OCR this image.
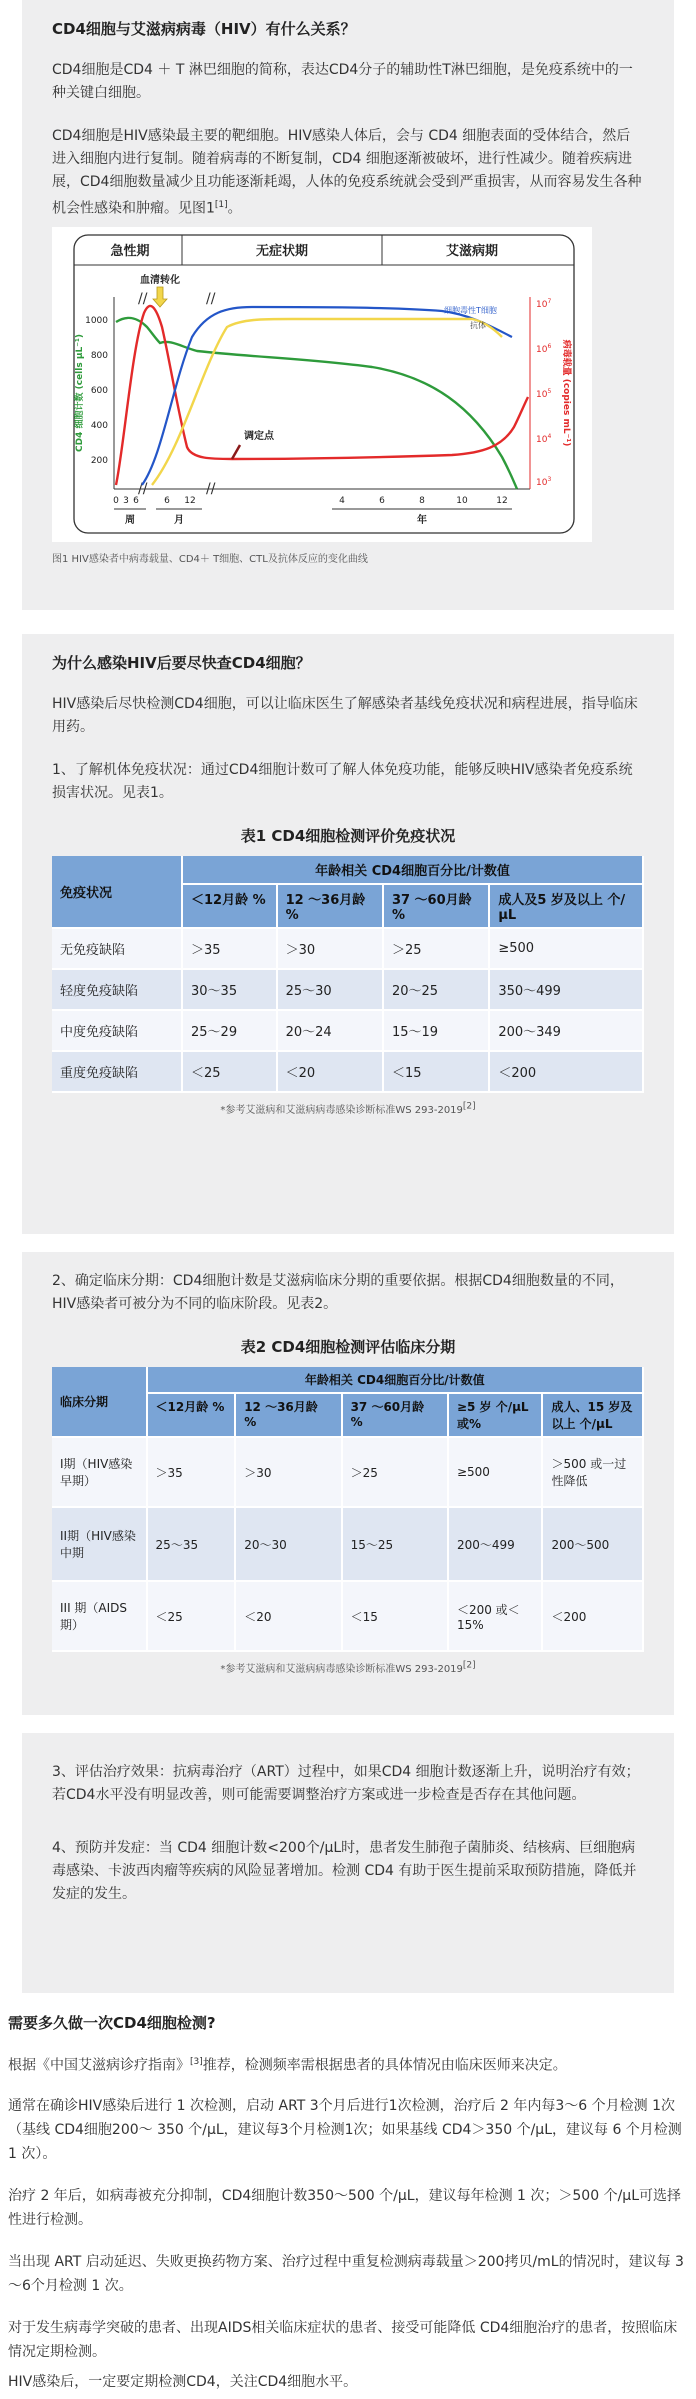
CD4细胞与艾滋病病毒（HIV）有什么关系？

CD4细胞是CD4 ＋ T 淋巴细胞的简称，表达CD4分子的辅助性T淋巴细胞，是免疫系统中的一种关键白细胞。

CD4细胞是HIV感染最主要的靶细胞。HIV感染人体后，会与 CD4 细胞表面的受体结合，然后进入细胞内进行复制。随着病毒的不断复制，CD4 细胞逐渐被破坏，进行性减少。随着疾病进展，CD4细胞数量减少且功能逐渐耗竭，人体的免疫系统就会受到严重损害，从而容易发生各种机会性感染和肿瘤。见图1[1]。

急性期	无症状期	艾滋病期
//	//
//	//
1000
800
600
400
200
CD4 细胞计数 (cells μL⁻¹)
$10^7$
$10^6$
$10^5$
$10^4$
$10^3$
病毒载量 (copies mL⁻¹)
0 3 6	6 12	4	6	8	10	12
周	月	年
血清转化
调定点
细胞毒性T细胞
抗体
图1 HIV感染者中病毒载量、CD4＋ T细胞、CTL及抗体反应的变化曲线
为什么感染HIV后要尽快查CD4细胞？

HIV感染后尽快检测CD4细胞，可以让临床医生了解感染者基线免疫状况和病程进展，指导临床用药。

1、了解机体免疫状况：通过CD4细胞计数可了解人体免疫功能，能够反映HIV感染者免疫系统损害状况。见表1。

表1 CD4细胞检测评价免疫状况
免疫状况	年龄相关 CD4细胞百分比/计数值			
	＜12月龄 %	12 ～36月龄 %	37 ～60月龄 %	成人及5 岁及以上 个/μL
无免疫缺陷	＞35	＞30	＞25	≥500
轻度免疫缺陷	30～35	25～30	20～25	350～499
中度免疫缺陷	25～29	20～24	15～19	200～349
重度免疫缺陷	＜25	＜20	＜15	＜200
*参考艾滋病和艾滋病病毒感染诊断标准WS 293-2019[2]

2、确定临床分期：CD4细胞计数是艾滋病临床分期的重要依据。根据CD4细胞数量的不同，HIV感染者可被分为不同的临床阶段。见表2。

表2 CD4细胞检测评估临床分期
临床分期	年龄相关 CD4细胞百分比/计数值				
	＜12月龄 %	12 ～36月龄 %	37 ～60月龄 %	≥5 岁 个/μL或%	成人、15 岁及以上 个/μL
I期（HIV感染早期）	＞35	＞30	＞25	≥500	＞500 或一过性降低
II期（HIV感染中期	25～35	20～30	15～25	200～499	200～500
III 期（AIDS期）	＜25	＜20	＜15	＜200 或＜15%	＜200
*参考艾滋病和艾滋病病毒感染诊断标准WS 293-2019[2]

3、评估治疗效果：抗病毒治疗（ART）过程中，如果CD4 细胞计数逐渐上升，说明治疗有效；若CD4水平没有明显改善，则可能需要调整治疗方案或进一步检查是否存在其他问题。

4、预防并发症：当 CD4 细胞计数<200个/μL时，患者发生肺孢子菌肺炎、结核病、巨细胞病毒感染、卡波西肉瘤等疾病的风险显著增加。检测 CD4 有助于医生提前采取预防措施，降低并发症的发生。

需要多久做一次CD4细胞检测?

根据《中国艾滋病诊疗指南》[3]推荐，检测频率需根据患者的具体情况由临床医师来决定。

通常在确诊HIV感染后进行 1 次检测，启动 ART 3个月后进行1次检测，治疗后 2 年内每3～6 个月检测 1次（基线 CD4细胞200～ 350 个/μL，建议每3个月检测1次；如果基线 CD4＞350 个/μL，建议每 6 个月检测 1 次）。

治疗 2 年后，如病毒被充分抑制，CD4细胞计数350～500 个/μL，建议每年检测 1 次；＞500 个/μL可选择性进行检测。

当出现 ART 启动延迟、失败更换药物方案、治疗过程中重复检测病毒载量＞200拷贝/mL的情况时，建议每 3～6个月检测 1 次。

对于发生病毒学突破的患者、出现AIDS相关临床症状的患者、接受可能降低 CD4细胞治疗的患者，按照临床情况定期检测。

HIV感染后，一定要定期检测CD4，关注CD4细胞水平。
